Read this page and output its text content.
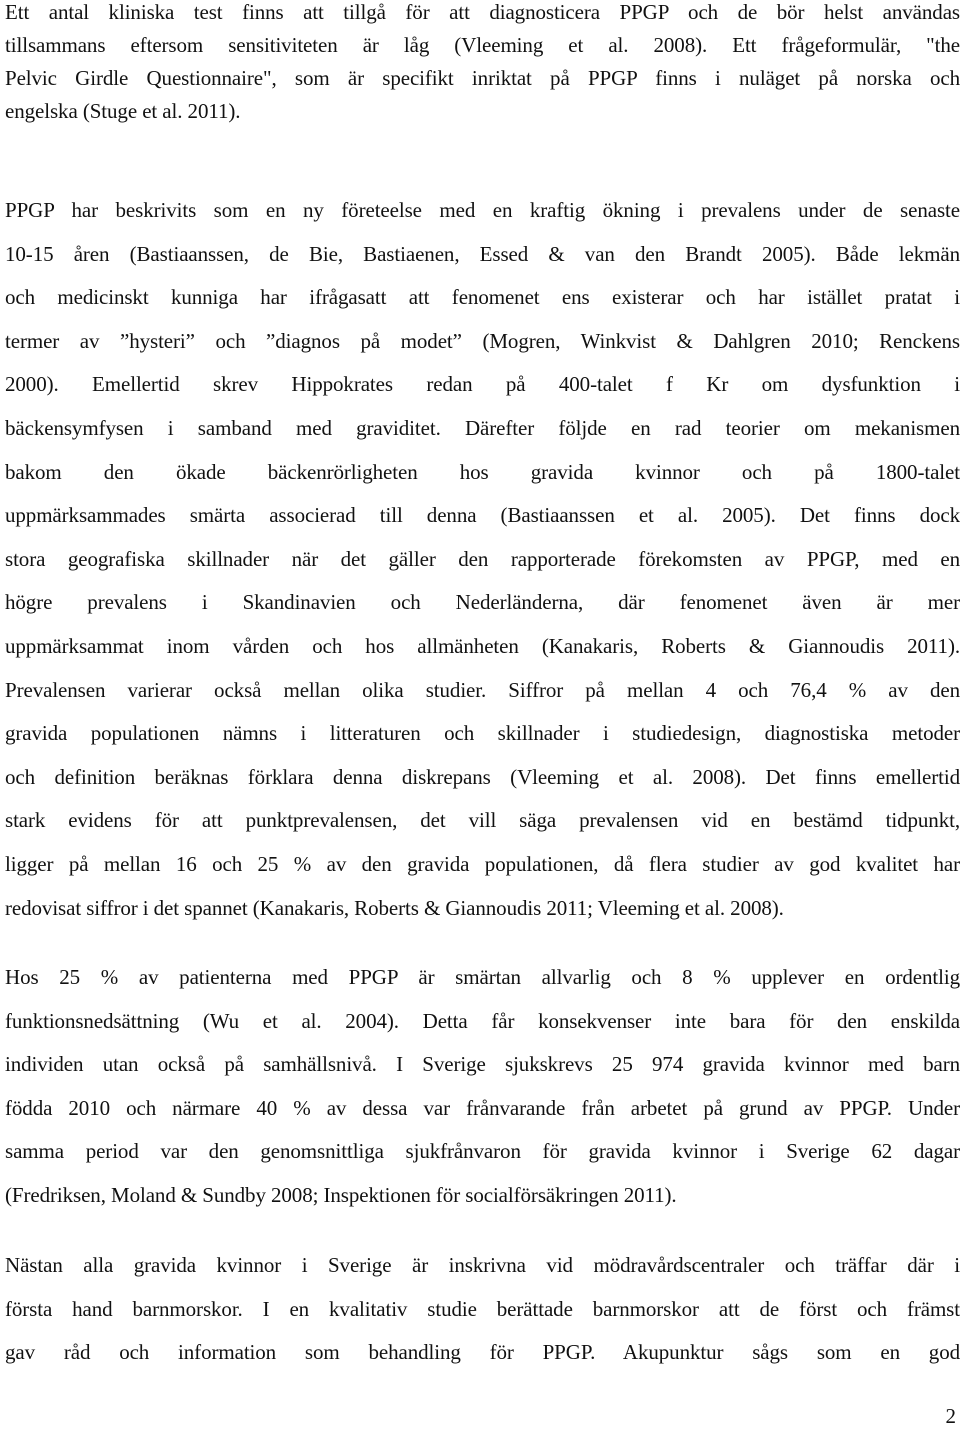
Ett antal kliniska test finns att tillgå för att diagnosticera PPGP och de bör helst användas
tillsammans eftersom sensitiviteten är låg (Vleeming et al. 2008). Ett frågeformulär, "the
Pelvic Girdle Questionnaire", som är specifikt inriktat på PPGP finns i nuläget på norska och
engelska (Stuge et al. 2011).
PPGP har beskrivits som en ny företeelse med en kraftig ökning i prevalens under de senaste
10-15 åren (Bastiaanssen, de Bie, Bastiaenen, Essed & van den Brandt 2005). Både lekmän
och medicinskt kunniga har ifrågasatt att fenomenet ens existerar och har istället pratat i
termer av ”hysteri” och ”diagnos på modet” (Mogren, Winkvist & Dahlgren 2010; Renckens
2000). Emellertid skrev Hippokrates redan på 400-talet f Kr om dysfunktion i
bäckensymfysen i samband med graviditet. Därefter följde en rad teorier om mekanismen
bakom den ökade bäckenrörligheten hos gravida kvinnor och på 1800-talet
uppmärksammades smärta associerad till denna (Bastiaanssen et al. 2005). Det finns dock
stora geografiska skillnader när det gäller den rapporterade förekomsten av PPGP, med en
högre prevalens i Skandinavien och Nederländerna, där fenomenet även är mer
uppmärksammat inom vården och hos allmänheten (Kanakaris, Roberts & Giannoudis 2011).
Prevalensen varierar också mellan olika studier. Siffror på mellan 4 och 76,4 % av den
gravida populationen nämns i litteraturen och skillnader i studiedesign, diagnostiska metoder
och definition beräknas förklara denna diskrepans (Vleeming et al. 2008). Det finns emellertid
stark evidens för att punktprevalensen, det vill säga prevalensen vid en bestämd tidpunkt,
ligger på mellan 16 och 25 % av den gravida populationen, då flera studier av god kvalitet har
redovisat siffror i det spannet (Kanakaris, Roberts & Giannoudis 2011; Vleeming et al. 2008).
Hos 25 % av patienterna med PPGP är smärtan allvarlig och 8 % upplever en ordentlig
funktionsnedsättning (Wu et al. 2004). Detta får konsekvenser inte bara för den enskilda
individen utan också på samhällsnivå. I Sverige sjukskrevs 25 974 gravida kvinnor med barn
födda 2010 och närmare 40 % av dessa var frånvarande från arbetet på grund av PPGP. Under
samma period var den genomsnittliga sjukfrånvaron för gravida kvinnor i Sverige 62 dagar
(Fredriksen, Moland & Sundby 2008; Inspektionen för socialförsäkringen 2011).
Nästan alla gravida kvinnor i Sverige är inskrivna vid mödravårdscentraler och träffar där i
första hand barnmorskor. I en kvalitativ studie berättade barnmorskor att de först och främst
gav råd och information som behandling för PPGP. Akupunktur sågs som en god
2
